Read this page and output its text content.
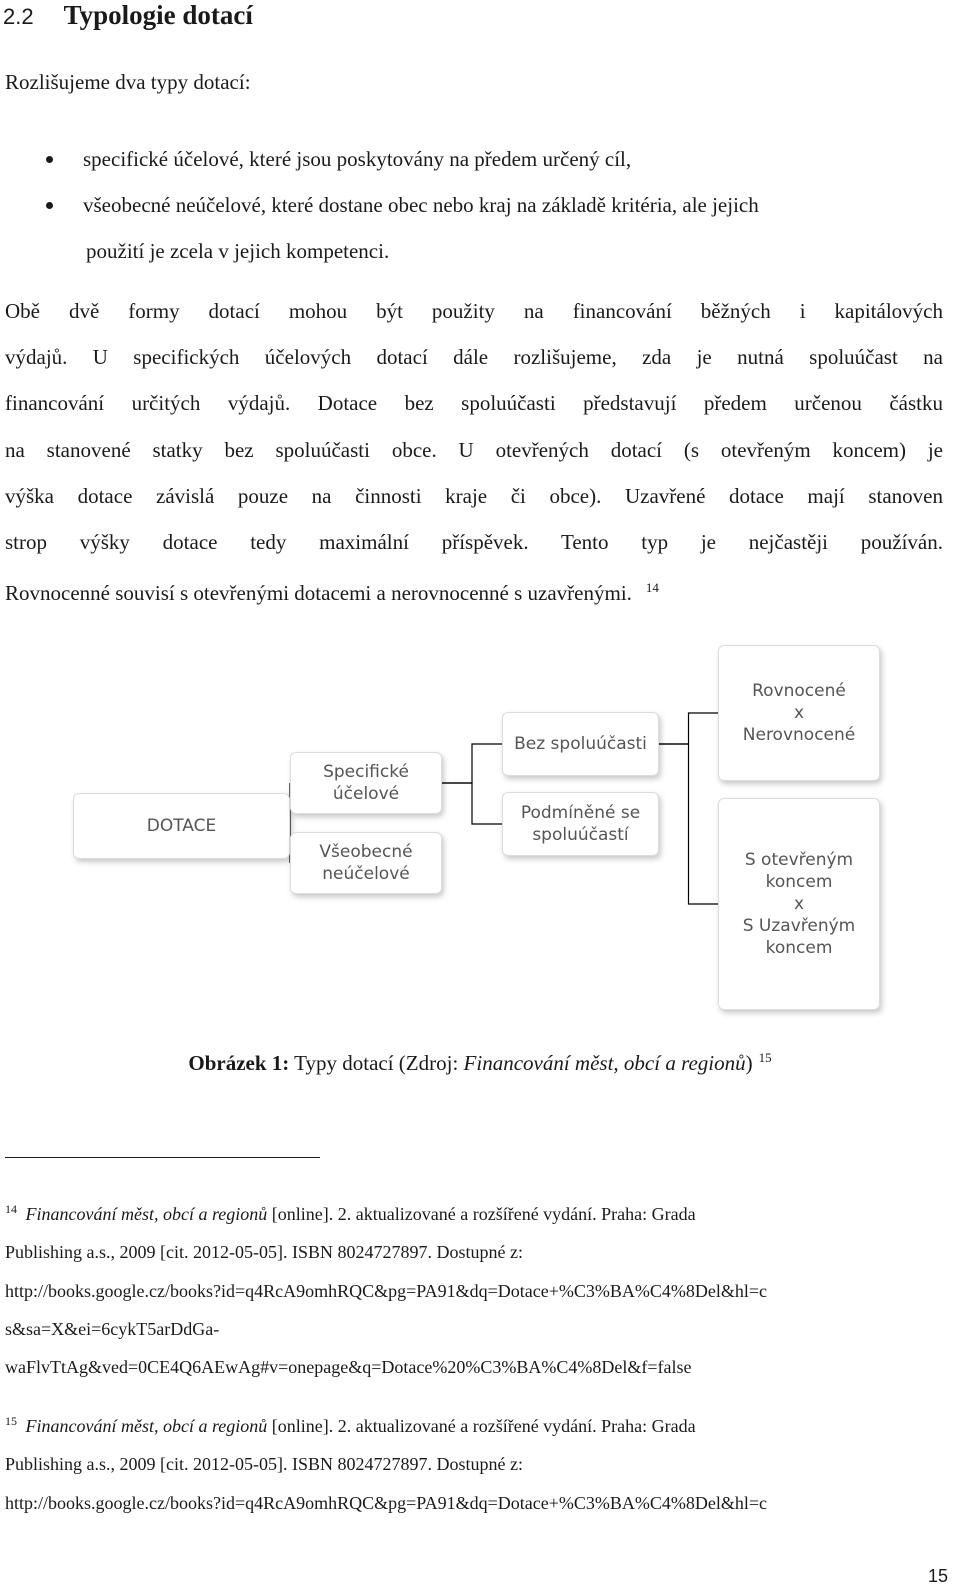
2.2 Typologie dotací
Rozlišujeme dva typy dotací:
specifické účelové, které jsou poskytovány na předem určený cíl,
všeobecné neúčelové, které dostane obec nebo kraj na základě kritéria, ale jejich
použití je zcela v jejich kompetenci.
Obě dvě formy dotací mohou být použity na financování běžných i kapitálových
výdajů. U specifických účelových dotací dále rozlišujeme, zda je nutná spoluúčast na
financování určitých výdajů. Dotace bez spoluúčasti představují předem určenou částku
na stanovené statky bez spoluúčasti obce. U otevřených dotací (s otevřeným koncem) je
výška dotace závislá pouze na činnosti kraje či obce). Uzavřené dotace mají stanoven
strop výšky dotace tedy maximální příspěvek. Tento typ je nejčastěji používán.
Rovnocenné souvisí s otevřenými dotacemi a nerovnocenné s uzavřenými. $^{14}$
DOTACE
Specifické
účelové
Všeobecné
neúčelové
Bez spoluúčasti
Podmíněné se
spoluúčastí
Rovnocené
x
Nerovnocené
S otevřeným
koncem
x
S Uzavřeným
koncem
Obrázek 1: Typy dotací (Zdroj: Financování měst, obcí a regionů) $^{15}$
$^{14}$ Financování měst, obcí a regionů [online]. 2. aktualizované a rozšířené vydání. Praha: Grada
Publishing a.s., 2009 [cit. 2012-05-05]. ISBN 8024727897. Dostupné z:
http://books.google.cz/books?id=q4RcA9omhRQC&pg=PA91&dq=Dotace+%C3%BA%C4%8Del&hl=c
s&sa=X&ei=6cykT5arDdGa-
waFlvTtAg&ved=0CE4Q6AEwAg#v=onepage&q=Dotace%20%C3%BA%C4%8Del&f=false
$^{15}$ Financování měst, obcí a regionů [online]. 2. aktualizované a rozšířené vydání. Praha: Grada
Publishing a.s., 2009 [cit. 2012-05-05]. ISBN 8024727897. Dostupné z:
http://books.google.cz/books?id=q4RcA9omhRQC&pg=PA91&dq=Dotace+%C3%BA%C4%8Del&hl=c
15
